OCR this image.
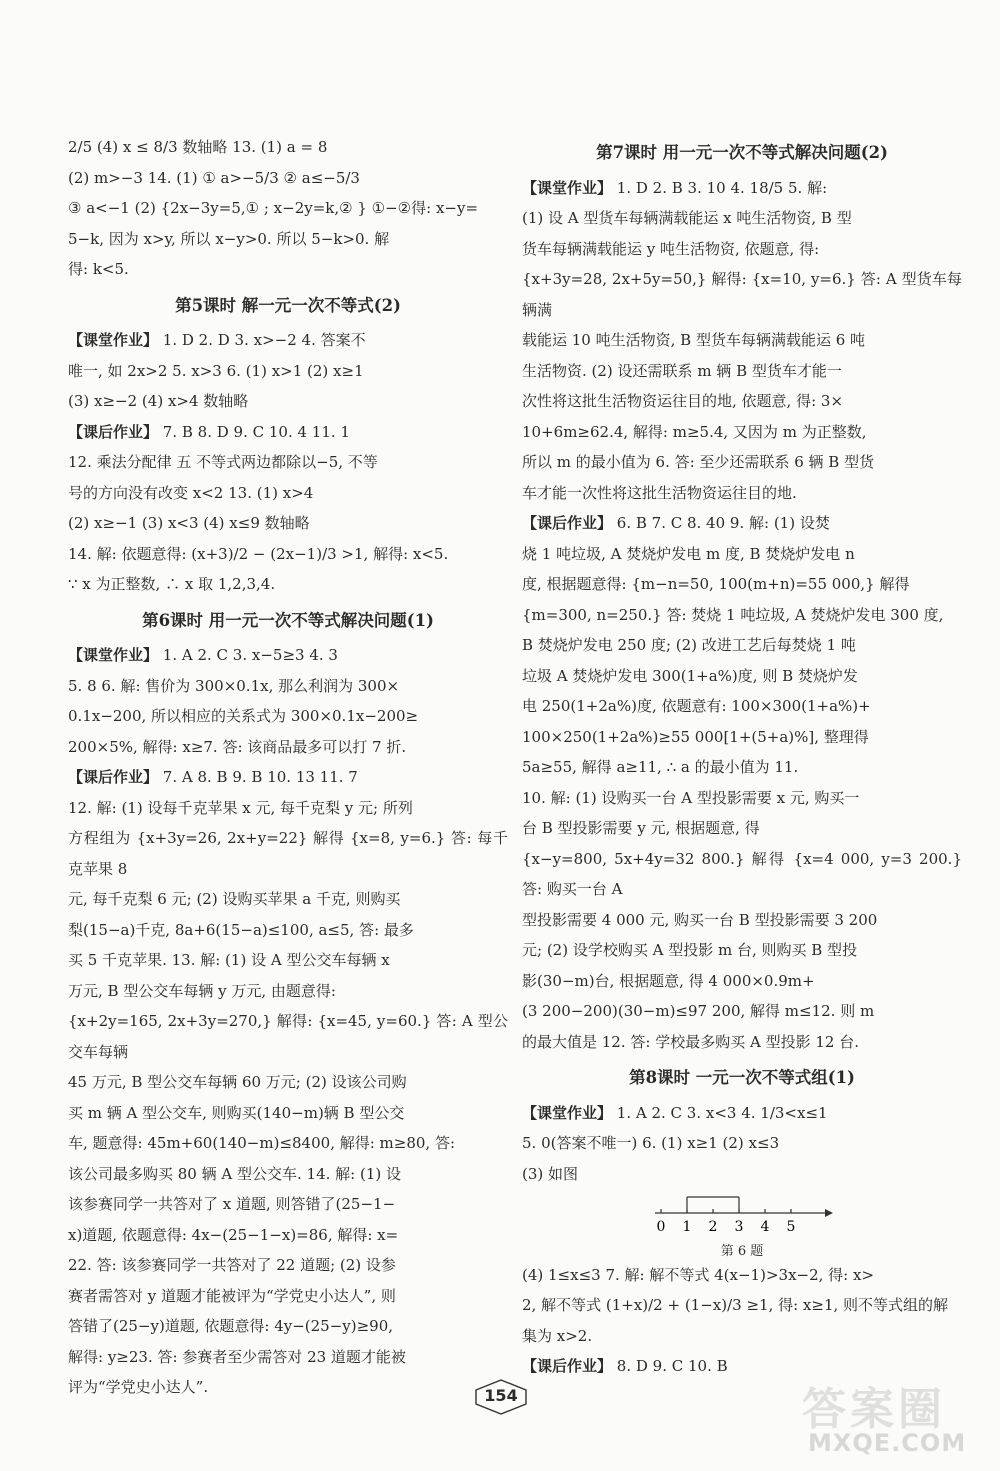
2/5 (4) x ≤ 8/3 数轴略 13. (1) a = 8
(2) m>−3 14. (1) ① a>−5/3 ② a≤−5/3
③ a<−1 (2) {2x−3y=5,① ; x−2y=k,② } ①−②得: x−y=
5−k, 因为 x>y, 所以 x−y>0. 所以 5−k>0. 解
得: k<5.
第5课时 解一元一次不等式(2)
【课堂作业】 1. D 2. D 3. x>−2 4. 答案不
唯一, 如 2x>2 5. x>3 6. (1) x>1 (2) x≥1
(3) x≥−2 (4) x>4 数轴略
【课后作业】 7. B 8. D 9. C 10. 4 11. 1
12. 乘法分配律 五 不等式两边都除以−5, 不等
号的方向没有改变 x<2 13. (1) x>4
(2) x≥−1 (3) x<3 (4) x≤9 数轴略
14. 解: 依题意得: (x+3)/2 − (2x−1)/3 >1, 解得: x<5.
∵ x 为正整数, ∴ x 取 1,2,3,4.
第6课时 用一元一次不等式解决问题(1)
【课堂作业】 1. A 2. C 3. x−5≥3 4. 3
5. 8 6. 解: 售价为 300×0.1x, 那么利润为 300×
0.1x−200, 所以相应的关系式为 300×0.1x−200≥
200×5%, 解得: x≥7. 答: 该商品最多可以打 7 折.
【课后作业】 7. A 8. B 9. B 10. 13 11. 7
12. 解: (1) 设每千克苹果 x 元, 每千克梨 y 元; 所列
方程组为 {x+3y=26, 2x+y=22} 解得 {x=8, y=6.} 答: 每千克苹果 8
元, 每千克梨 6 元; (2) 设购买苹果 a 千克, 则购买
梨(15−a)千克, 8a+6(15−a)≤100, a≤5, 答: 最多
买 5 千克苹果. 13. 解: (1) 设 A 型公交车每辆 x
万元, B 型公交车每辆 y 万元, 由题意得:
{x+2y=165, 2x+3y=270,} 解得: {x=45, y=60.} 答: A 型公交车每辆
45 万元, B 型公交车每辆 60 万元; (2) 设该公司购
买 m 辆 A 型公交车, 则购买(140−m)辆 B 型公交
车, 题意得: 45m+60(140−m)≤8400, 解得: m≥80, 答:
该公司最多购买 80 辆 A 型公交车. 14. 解: (1) 设
该参赛同学一共答对了 x 道题, 则答错了(25−1−
x)道题, 依题意得: 4x−(25−1−x)=86, 解得: x=
22. 答: 该参赛同学一共答对了 22 道题; (2) 设参
赛者需答对 y 道题才能被评为“学党史小达人”, 则
答错了(25−y)道题, 依题意得: 4y−(25−y)≥90,
解得: y≥23. 答: 参赛者至少需答对 23 道题才能被
评为“学党史小达人”.
第7课时 用一元一次不等式解决问题(2)
【课堂作业】 1. D 2. B 3. 10 4. 18/5 5. 解:
(1) 设 A 型货车每辆满载能运 x 吨生活物资, B 型
货车每辆满载能运 y 吨生活物资, 依题意, 得:
{x+3y=28, 2x+5y=50,} 解得: {x=10, y=6.} 答: A 型货车每辆满
载能运 10 吨生活物资, B 型货车每辆满载能运 6 吨
生活物资. (2) 设还需联系 m 辆 B 型货车才能一
次性将这批生活物资运往目的地, 依题意, 得: 3×
10+6m≥62.4, 解得: m≥5.4, 又因为 m 为正整数,
所以 m 的最小值为 6. 答: 至少还需联系 6 辆 B 型货
车才能一次性将这批生活物资运往目的地.
【课后作业】 6. B 7. C 8. 40 9. 解: (1) 设焚
烧 1 吨垃圾, A 焚烧炉发电 m 度, B 焚烧炉发电 n
度, 根据题意得: {m−n=50, 100(m+n)=55 000,} 解得
{m=300, n=250.} 答: 焚烧 1 吨垃圾, A 焚烧炉发电 300 度,
B 焚烧炉发电 250 度; (2) 改进工艺后每焚烧 1 吨
垃圾 A 焚烧炉发电 300(1+a%)度, 则 B 焚烧炉发
电 250(1+2a%)度, 依题意有: 100×300(1+a%)+
100×250(1+2a%)≥55 000[1+(5+a)%], 整理得
5a≥55, 解得 a≥11, ∴ a 的最小值为 11.
10. 解: (1) 设购买一台 A 型投影需要 x 元, 购买一
台 B 型投影需要 y 元, 根据题意, 得
{x−y=800, 5x+4y=32 800.} 解得 {x=4 000, y=3 200.} 答: 购买一台 A
型投影需要 4 000 元, 购买一台 B 型投影需要 3 200
元; (2) 设学校购买 A 型投影 m 台, 则购买 B 型投
影(30−m)台, 根据题意, 得 4 000×0.9m+
(3 200−200)(30−m)≤97 200, 解得 m≤12. 则 m
的最大值是 12. 答: 学校最多购买 A 型投影 12 台.
第8课时 一元一次不等式组(1)
【课堂作业】 1. A 2. C 3. x<3 4. 1/3<x≤1
5. 0(答案不唯一) 6. (1) x≥1 (2) x≤3
(3) 如图
0 1 2 3 4 5
第 6 题
(4) 1≤x≤3 7. 解: 解不等式 4(x−1)>3x−2, 得: x>
2, 解不等式 (1+x)/2 + (1−x)/3 ≥1, 得: x≥1, 则不等式组的解
集为 x>2.
【课后作业】 8. D 9. C 10. B
154	答案圈
MXQE.COM
